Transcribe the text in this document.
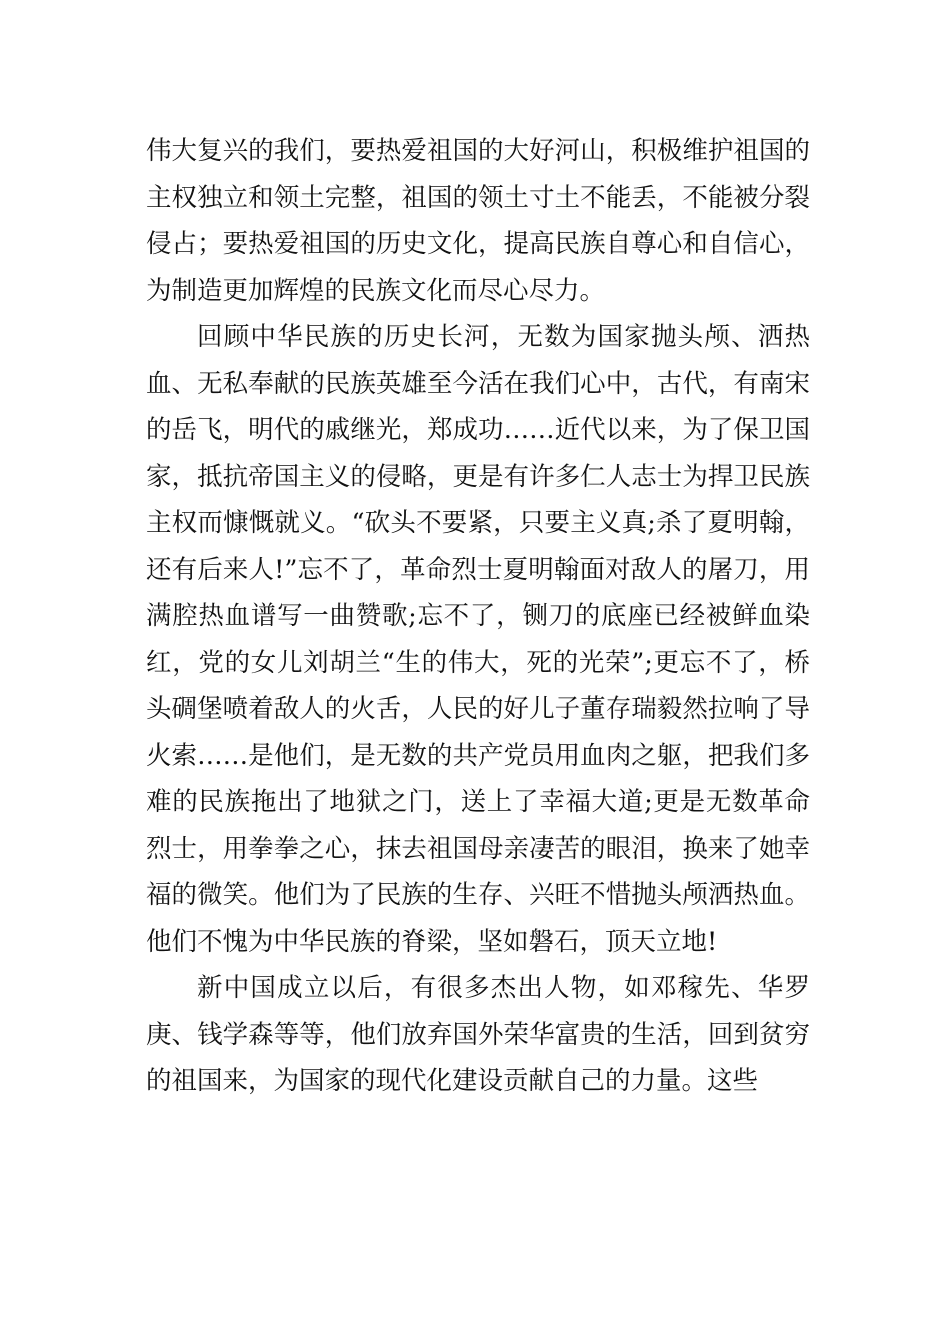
伟大复兴的我们，要热爱祖国的大好河山，积极维护祖国的主权独立和领土完整，祖国的领土寸土不能丢，不能被分裂侵占；要热爱祖国的历史文化，提高民族自尊心和自信心，为制造更加辉煌的民族文化而尽心尽力。

回顾中华民族的历史长河，无数为国家抛头颅、洒热血、无私奉献的民族英雄至今活在我们心中，古代，有南宋的岳飞，明代的戚继光，郑成功……近代以来，为了保卫国家，抵抗帝国主义的侵略，更是有许多仁人志士为捍卫民族主权而慷慨就义。“砍头不要紧，只要主义真;杀了夏明翰，还有后来人!”忘不了，革命烈士夏明翰面对敌人的屠刀，用满腔热血谱写一曲赞歌;忘不了，铡刀的底座已经被鲜血染红，党的女儿刘胡兰“生的伟大，死的光荣”;更忘不了，桥头碉堡喷着敌人的火舌，人民的好儿子董存瑞毅然拉响了导火索……是他们，是无数的共产党员用血肉之躯，把我们多难的民族拖出了地狱之门，送上了幸福大道;更是无数革命烈士，用拳拳之心，抹去祖国母亲凄苦的眼泪，换来了她幸福的微笑。他们为了民族的生存、兴旺不惜抛头颅洒热血。他们不愧为中华民族的脊梁，坚如磐石，顶天立地!

新中国成立以后，有很多杰出人物，如邓稼先、华罗庚、钱学森等等，他们放弃国外荣华富贵的生活，回到贫穷的祖国来，为国家的现代化建设贡献自己的力量。这些
